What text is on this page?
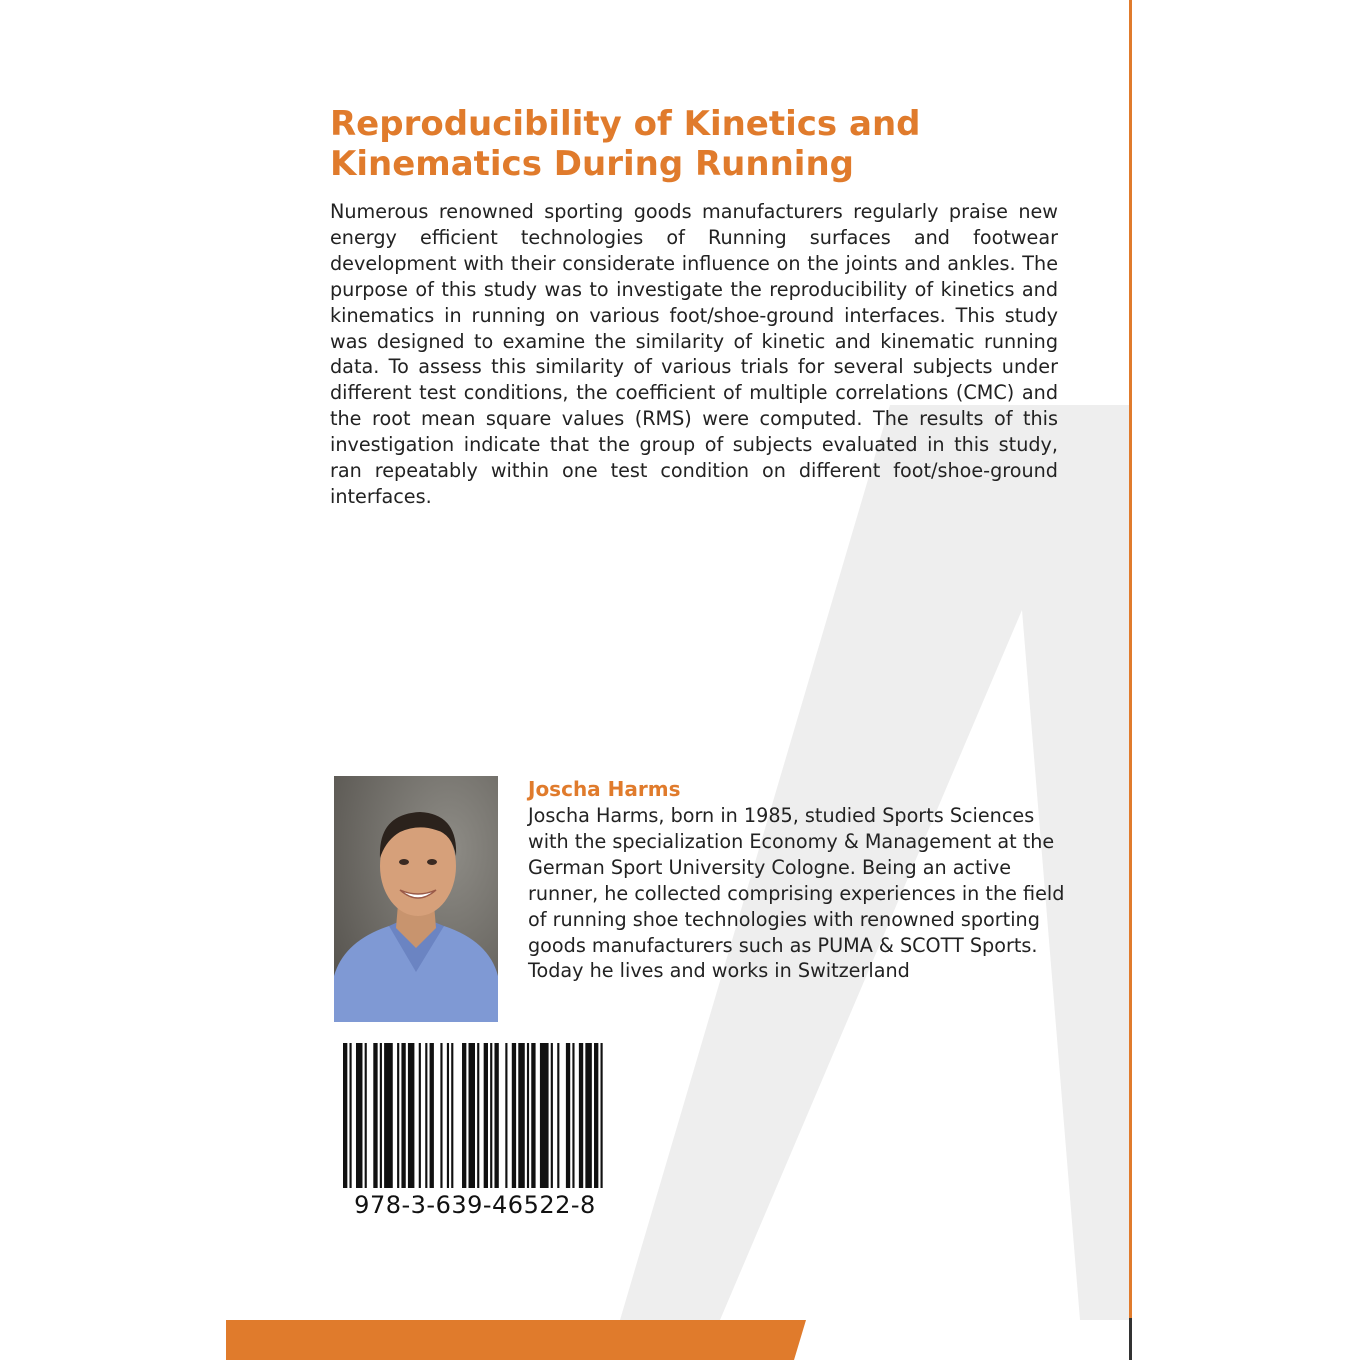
Reproducibility of Kinetics and
Kinematics During Running

Numerous renowned sporting goods manufacturers regularly praise new energy efficient technologies of Running surfaces and footwear development with their considerate influence on the joints and ankles. The purpose of this study was to investigate the reproducibility of kinetics and kinematics in running on various foot/shoe-ground interfaces. This study was designed to examine the similarity of kinetic and kinematic running data. To assess this similarity of various trials for several subjects under different test conditions, the coefficient of multiple correlations (CMC) and the root mean square values (RMS) were computed. The results of this investigation indicate that the group of subjects evaluated in this study, ran repeatably within one test condition on different foot/shoe-ground interfaces.

Joscha Harms

Joscha Harms, born in 1985, studied Sports Sciences with the specialization Economy & Management at the German Sport University Cologne. Being an active runner, he collected comprising experiences in the field of running shoe technologies with renowned sporting goods manufacturers such as PUMA & SCOTT Sports. Today he lives and works in Switzerland

978-3-639-46522-8
